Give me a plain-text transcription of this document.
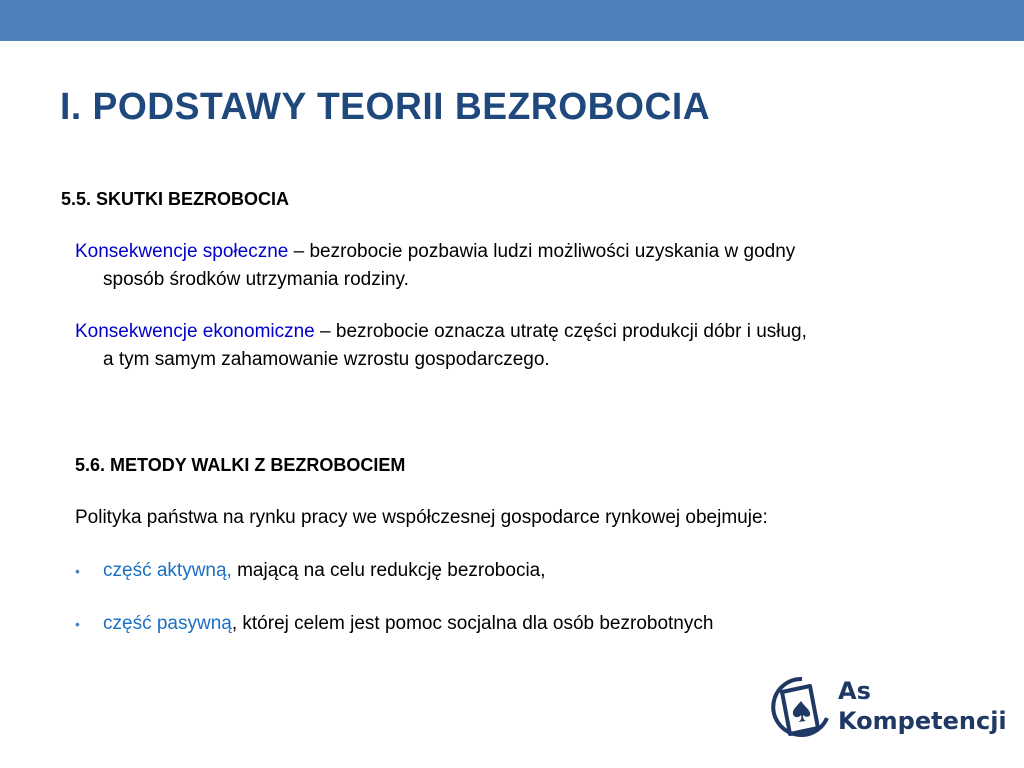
I. PODSTAWY TEORII BEZROBOCIA
5.5. SKUTKI BEZROBOCIA
Konsekwencje społeczne – bezrobocie pozbawia ludzi możliwości uzyskania w godny
sposób środków utrzymania rodziny.
Konsekwencje ekonomiczne – bezrobocie oznacza utratę części produkcji dóbr i usług,
a tym samym zahamowanie wzrostu gospodarczego.
5.6. METODY WALKI Z BEZROBOCIEM
Polityka państwa na rynku pracy we współczesnej gospodarce rynkowej obejmuje:
• część aktywną, mającą na celu redukcję bezrobocia,
• część pasywną, której celem jest pomoc socjalna dla osób bezrobotnych
As
Kompetencji
